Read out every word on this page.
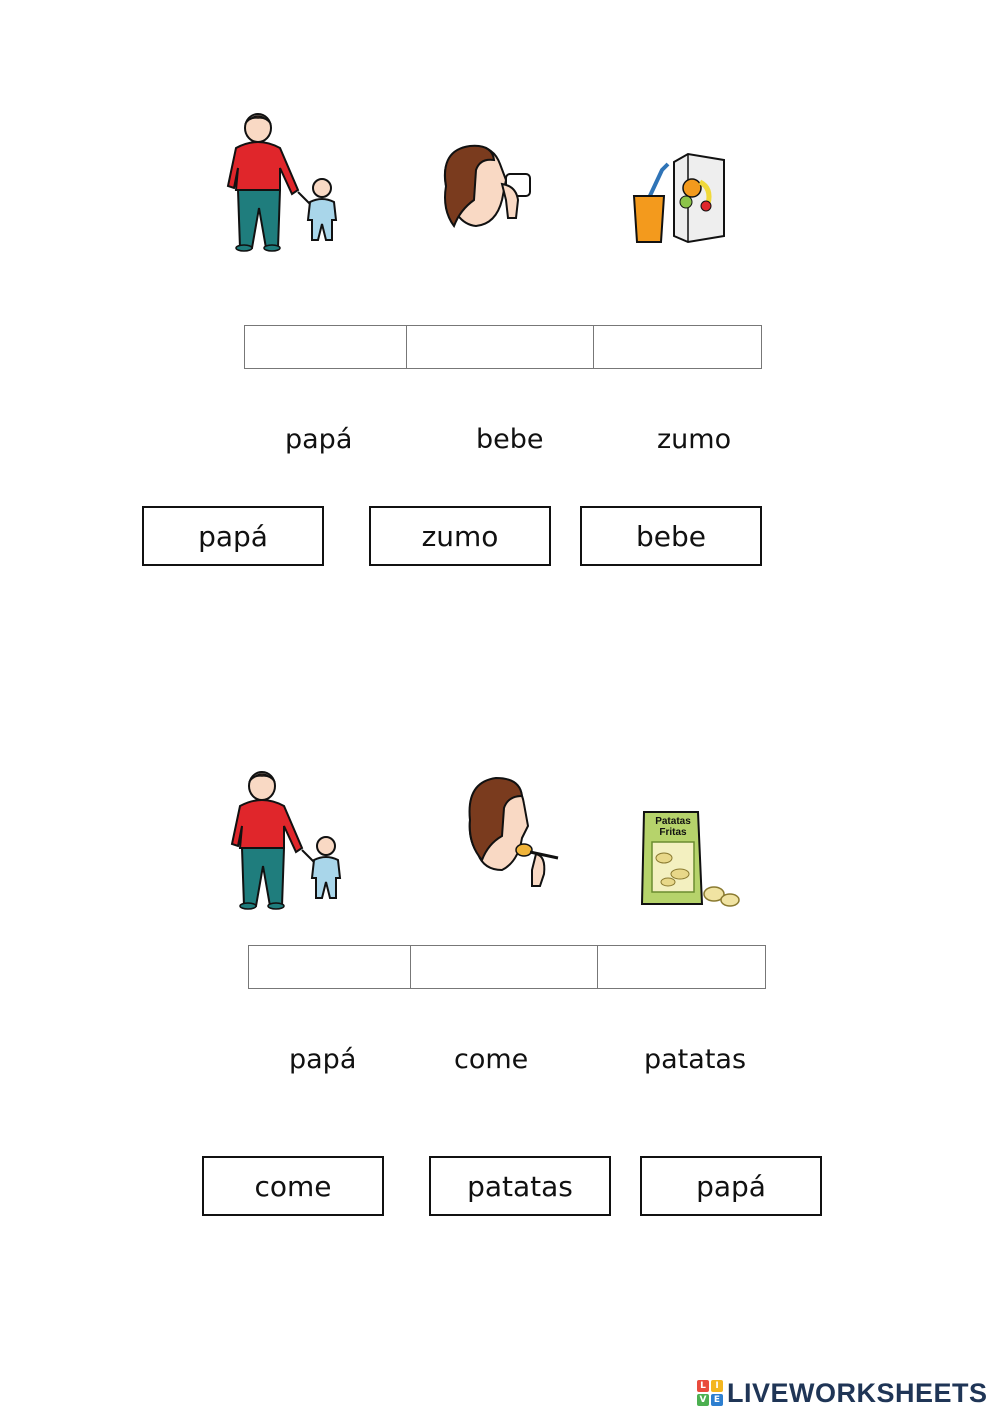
papá	bebe	zumo
papá	zumo	bebe
Patatas
Fritas
papá	come	patatas
come	patatas	papá
L	I
V E LIVEWORKSHEETS
